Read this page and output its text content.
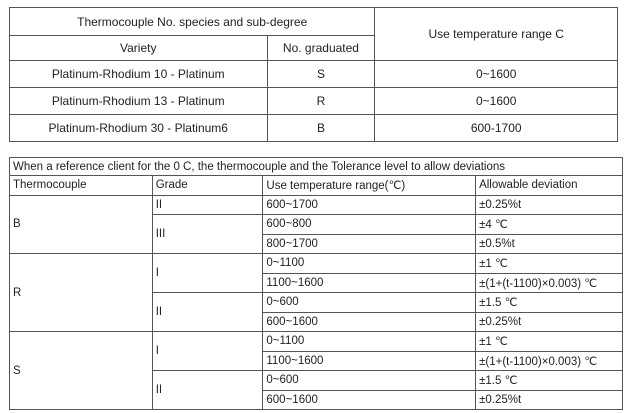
Thermocouple No. species and sub-degree		Use temperature range C
Variety	No. graduated	
Platinum-Rhodium 10 - Platinum	S	0~1600
Platinum-Rhodium 13 - Platinum	R	0~1600
Platinum-Rhodium 30 - Platinum6	B	600-1700
When a reference client for the 0 C, the thermocouple and the Tolerance level to allow deviations			
Thermocouple	Grade	Use temperature range(℃)	Allowable deviation
B	II	600~1700	±0.25%t
	III	600~800	±4 ℃
		800~1700	±0.5%t
R	I	0~1100	±1 ℃
		1100~1600	±(1+(t-1100)×0.003) ℃
	II	0~600	±1.5 ℃
		600~1600	±0.25%t
S	I	0~1100	±1 ℃
		1100~1600	±(1+(t-1100)×0.003) ℃
	II	0~600	±1.5 ℃
		600~1600	±0.25%t
